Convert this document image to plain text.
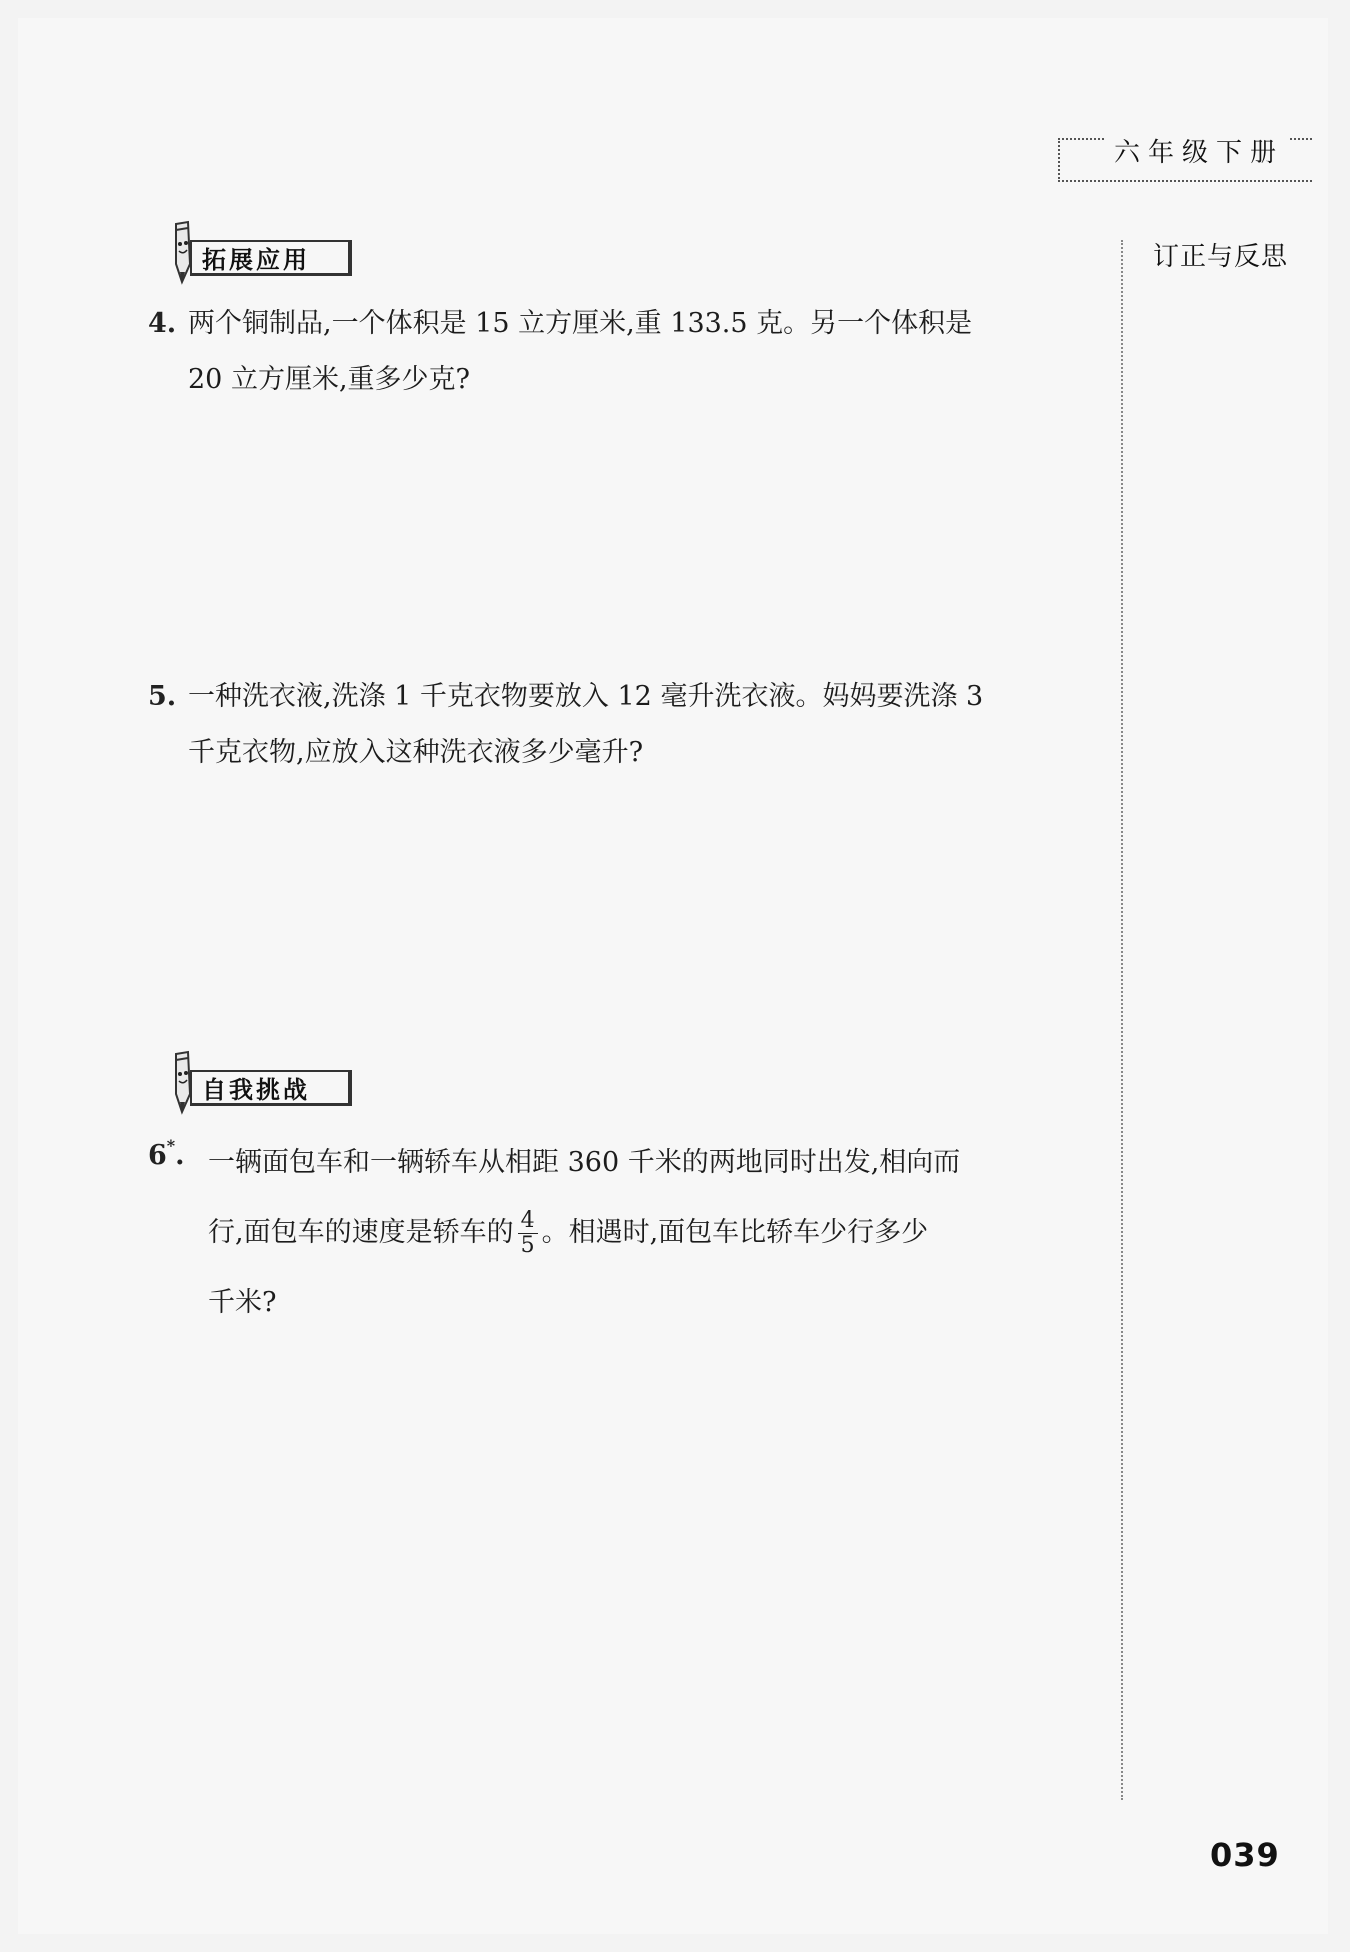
六年级下册
订正与反思
拓展应用
4. 两个铜制品,一个体积是 15 立方厘米,重 133.5 克。另一个体积是
20 立方厘米,重多少克?
5. 一种洗衣液,洗涤 1 千克衣物要放入 12 毫升洗衣液。妈妈要洗涤 3
千克衣物,应放入这种洗衣液多少毫升?
自我挑战
6*. 一辆面包车和一辆轿车从相距 360 千米的两地同时出发,相向而
行,面包车的速度是轿车的 $\frac{4}{5}$ 。相遇时,面包车比轿车少行多少
千米?
039
